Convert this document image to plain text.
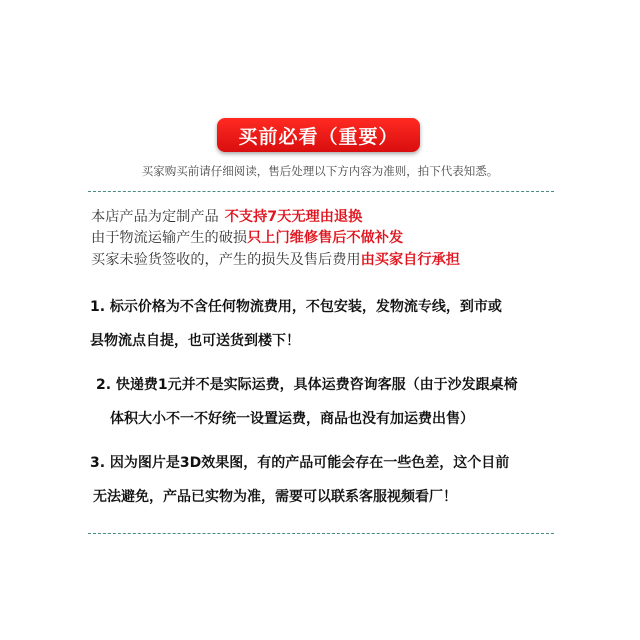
买前必看（重要）
买家购买前请仔细阅读，售后处理以下方内容为准则，拍下代表知悉。
本店产品为定制产品 不支持7天无理由退换
由于物流运输产生的破损只上门维修售后不做补发
买家未验货签收的，产生的损失及售后费用由买家自行承担
1. 标示价格为不含任何物流费用，不包安装，发物流专线，到市或
县物流点自提，也可送货到楼下！
2. 快递费1元并不是实际运费，具体运费咨询客服（由于沙发跟桌椅
体积大小不一不好统一设置运费，商品也没有加运费出售）
3. 因为图片是3D效果图，有的产品可能会存在一些色差，这个目前
无法避免，产品已实物为准，需要可以联系客服视频看厂！
